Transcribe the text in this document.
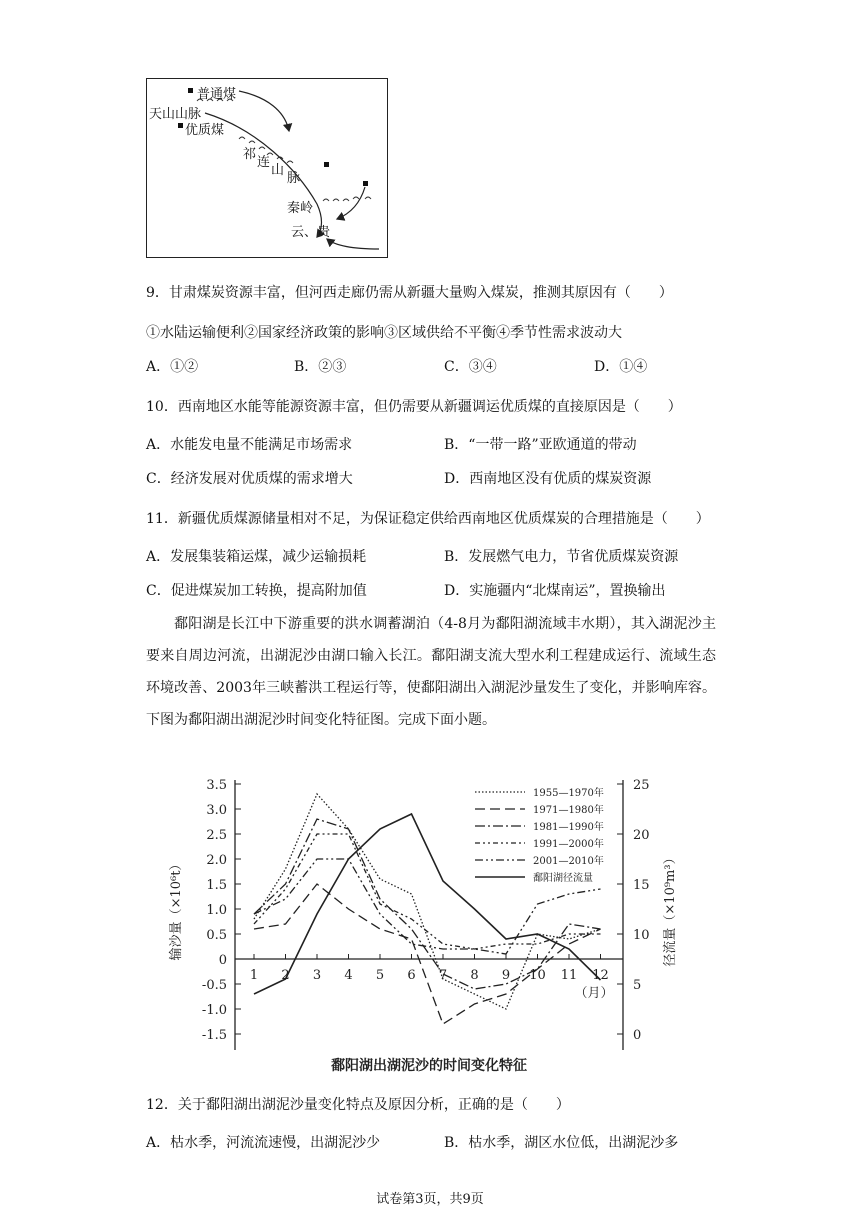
普通煤
天山山脉
优质煤
祁
连
山
脉
秦岭
云、贵
9．甘肃煤炭资源丰富，但河西走廊仍需从新疆大量购入煤炭，推测其原因有（　　）
①水陆运输便利②国家经济政策的影响③区域供给不平衡④季节性需求波动大
A．①②	B．②③	C．③④	D．①④
10．西南地区水能等能源资源丰富，但仍需要从新疆调运优质煤的直接原因是（　　）
A．水能发电量不能满足市场需求	B．“一带一路”亚欧通道的带动
C．经济发展对优质煤的需求增大	D．西南地区没有优质的煤炭资源
11．新疆优质煤源储量相对不足，为保证稳定供给西南地区优质煤炭的合理措施是（　　）
A．发展集装箱运煤，减少运输损耗	B．发展燃气电力，节省优质煤炭资源
C．促进煤炭加工转换，提高附加值	D．实施疆内“北煤南运”，置换输出
鄱阳湖是长江中下游重要的洪水调蓄湖泊（4-8月为鄱阳湖流域丰水期），其入湖泥沙主要来自周边河流，出湖泥沙由湖口输入长江。鄱阳湖支流大型水利工程建成运行、流域生态环境改善、2003年三峡蓄洪工程运行等，使鄱阳湖出入湖泥沙量发生了变化，并影响库容。下图为鄱阳湖出湖泥沙时间变化特征图。完成下面小题。
3.5
3.0
2.5
2.0
1.5
1.0
0.5
0
-0.5
-1.0
-1.5
25
20
15
10
5
0
1 2 3 4 5 6 7 8 9 10 11 12
（月）
输沙量（×10⁶t）	径流量（×10⁹m³）
1955—1970年
1971—1980年
1981—1990年
1991—2000年
2001—2010年
鄱阳湖径流量
鄱阳湖出湖泥沙的时间变化特征
12．关于鄱阳湖出湖泥沙量变化特点及原因分析，正确的是（　　）
A．枯水季，河流流速慢，出湖泥沙少	B．枯水季，湖区水位低，出湖泥沙多
试卷第3页，共9页
